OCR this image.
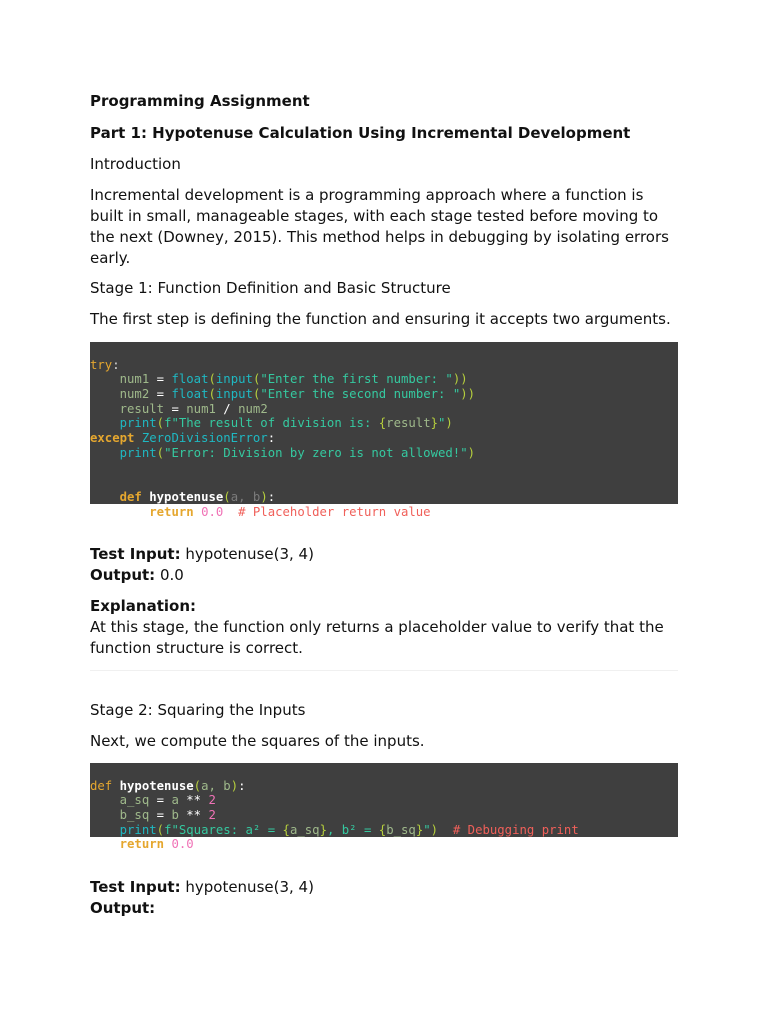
Programming Assignment
Part 1: Hypotenuse Calculation Using Incremental Development
Introduction
Incremental development is a programming approach where a function is built in small, manageable stages, with each stage tested before moving to the next (Downey, 2015). This method helps in debugging by isolating errors early.
Stage 1: Function Definition and Basic Structure
The first step is defining the function and ensuring it accepts two arguments.

try:
num1 = float(input("Enter the first number: "))
num2 = float(input("Enter the second number: "))
result = num1 / num2
print(f"The result of division is: {result}")
except ZeroDivisionError:
print("Error: Division by zero is not allowed!")

def hypotenuse(a, b):
return 0.0 # Placeholder return value
Test Input: hypotenuse(3, 4)
Output: 0.0
Explanation:
At this stage, the function only returns a placeholder value to verify that the function structure is correct.
Stage 2: Squaring the Inputs
Next, we compute the squares of the inputs.

def hypotenuse(a, b):
a_sq = a ** 2
b_sq = b ** 2
print(f"Squares: a² = {a_sq}, b² = {b_sq}") # Debugging print
return 0.0
Test Input: hypotenuse(3, 4)
Output:
